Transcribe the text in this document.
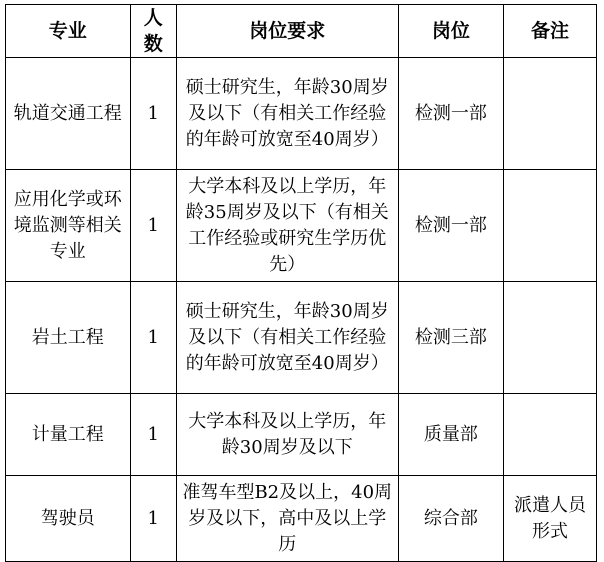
专业	人数	岗位要求	岗位	备注
轨道交通工程	1	硕士研究生，年龄30周岁及以下（有相关工作经验的年龄可放宽至40周岁）	检测一部	
应用化学或环境监测等相关专业	1	大学本科及以上学历，年龄35周岁及以下（有相关工作经验或研究生学历优先）	检测一部	
岩土工程	1	硕士研究生，年龄30周岁及以下（有相关工作经验的年龄可放宽至40周岁）	检测三部	
计量工程	1	大学本科及以上学历，年龄30周岁及以下	质量部	
驾驶员	1	准驾车型B2及以上，40周岁及以下，高中及以上学历	综合部	派遣人员形式
